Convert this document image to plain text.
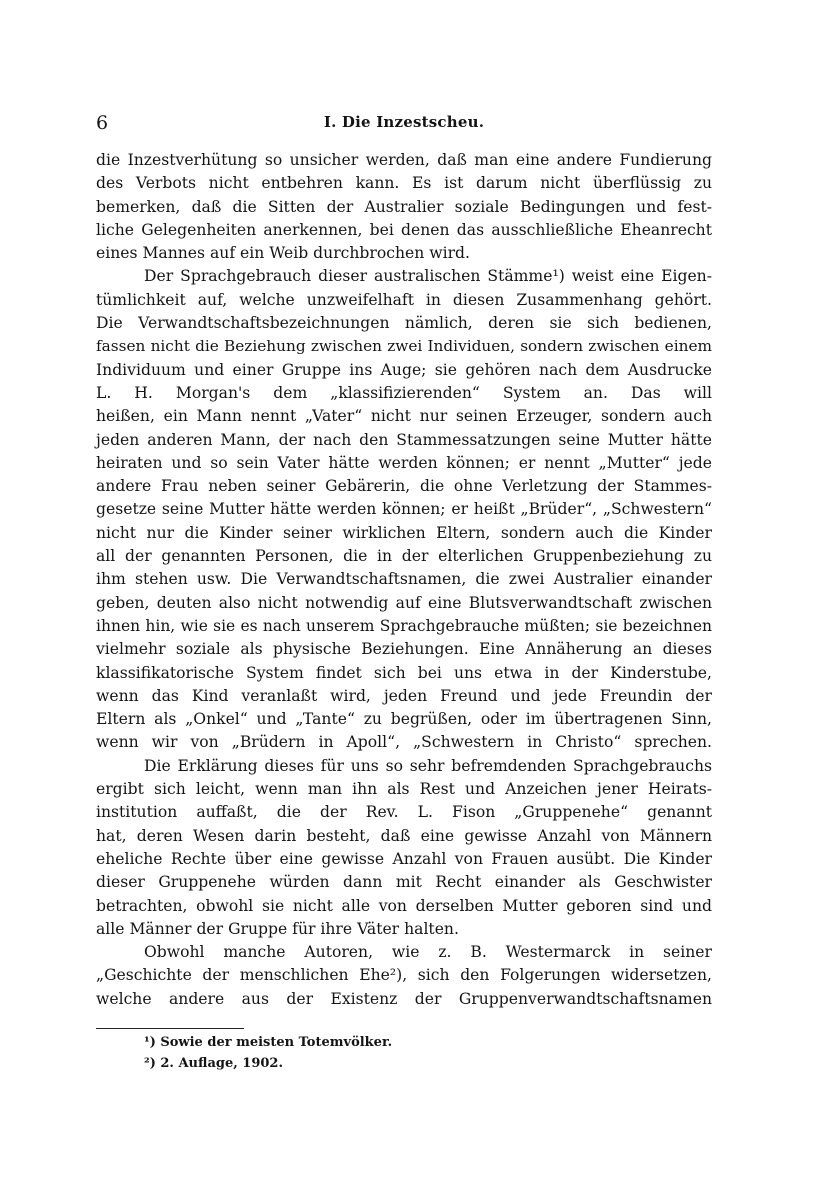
6	I. Die Inzestscheu.
die Inzestverhütung so unsicher werden, daß man eine andere Fundierung
des Verbots nicht entbehren kann. Es ist darum nicht überflüssig zu
bemerken, daß die Sitten der Australier soziale Bedingungen und fest-
liche Gelegenheiten anerkennen, bei denen das ausschließliche Eheanrecht
eines Mannes auf ein Weib durchbrochen wird.
Der Sprachgebrauch dieser australischen Stämme¹) weist eine Eigen-
tümlichkeit auf, welche unzweifelhaft in diesen Zusammenhang gehört.
Die Verwandtschaftsbezeichnungen nämlich, deren sie sich bedienen,
fassen nicht die Beziehung zwischen zwei Individuen, sondern zwischen einem
Individuum und einer Gruppe ins Auge; sie gehören nach dem Ausdrucke
L. H. Morgan's dem „klassifizierenden“ System an. Das will
heißen, ein Mann nennt „Vater“ nicht nur seinen Erzeuger, sondern auch
jeden anderen Mann, der nach den Stammessatzungen seine Mutter hätte
heiraten und so sein Vater hätte werden können; er nennt „Mutter“ jede
andere Frau neben seiner Gebärerin, die ohne Verletzung der Stammes-
gesetze seine Mutter hätte werden können; er heißt „Brüder“, „Schwestern“
nicht nur die Kinder seiner wirklichen Eltern, sondern auch die Kinder
all der genannten Personen, die in der elterlichen Gruppenbeziehung zu
ihm stehen usw. Die Verwandtschaftsnamen, die zwei Australier einander
geben, deuten also nicht notwendig auf eine Blutsverwandtschaft zwischen
ihnen hin, wie sie es nach unserem Sprachgebrauche müßten; sie bezeichnen
vielmehr soziale als physische Beziehungen. Eine Annäherung an dieses
klassifikatorische System findet sich bei uns etwa in der Kinderstube,
wenn das Kind veranlaßt wird, jeden Freund und jede Freundin der
Eltern als „Onkel“ und „Tante“ zu begrüßen, oder im übertragenen Sinn,
wenn wir von „Brüdern in Apoll“, „Schwestern in Christo“ sprechen.
Die Erklärung dieses für uns so sehr befremdenden Sprachgebrauchs
ergibt sich leicht, wenn man ihn als Rest und Anzeichen jener Heirats-
institution auffaßt, die der Rev. L. Fison „Gruppenehe“ genannt
hat, deren Wesen darin besteht, daß eine gewisse Anzahl von Männern
eheliche Rechte über eine gewisse Anzahl von Frauen ausübt. Die Kinder
dieser Gruppenehe würden dann mit Recht einander als Geschwister
betrachten, obwohl sie nicht alle von derselben Mutter geboren sind und
alle Männer der Gruppe für ihre Väter halten.
Obwohl manche Autoren, wie z. B. Westermarck in seiner
„Geschichte der menschlichen Ehe²), sich den Folgerungen widersetzen,
welche andere aus der Existenz der Gruppenverwandtschaftsnamen
¹) Sowie der meisten Totemvölker.
²) 2. Auflage, 1902.
